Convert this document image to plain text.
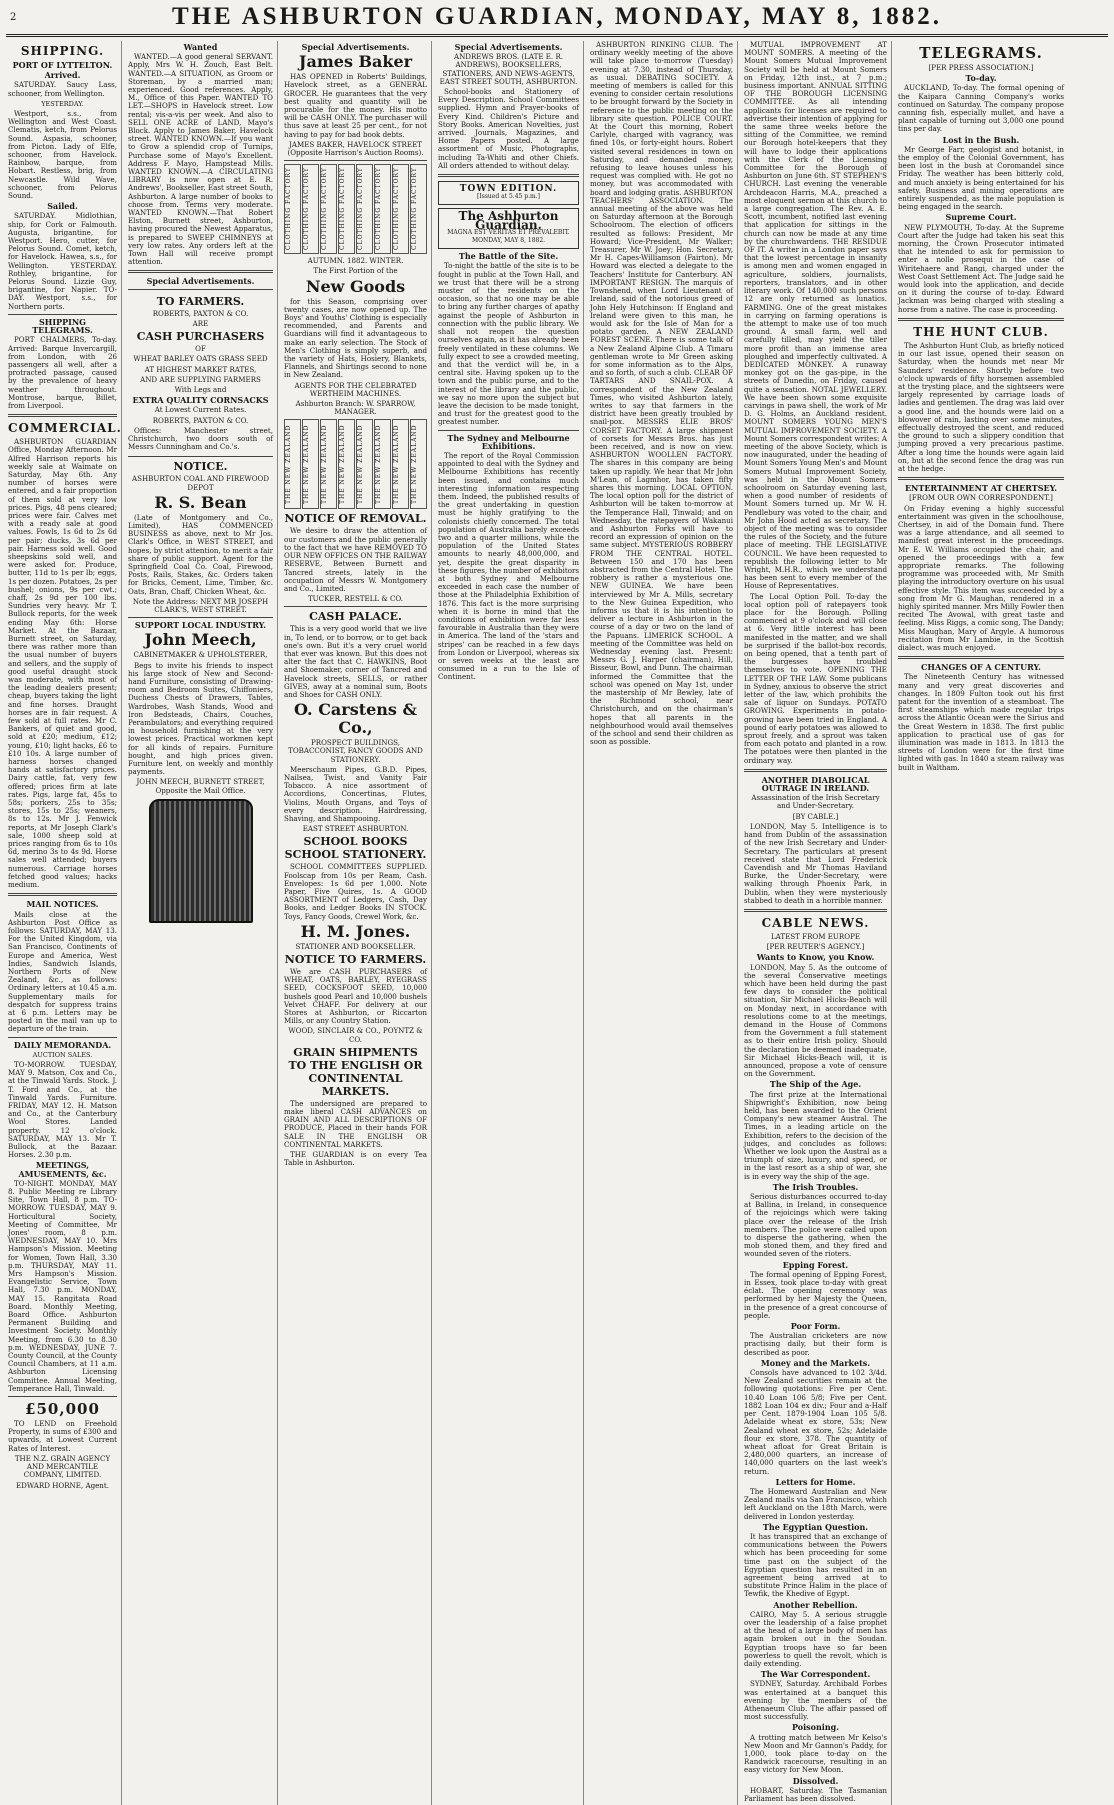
2	THE ASHBURTON GUARDIAN, MONDAY, MAY 8, 1882.
SHIPPING.
PORT OF LYTTELTON.
Arrived.

SATURDAY. Saucy Lass, schooner, from Wellington.

YESTERDAY.

Westport, s.s., from Wellington and West Coast. Clematis, ketch, from Pelorus Sound. Aspasia, schooner, from Picton. Lady of Elfe, schooner, from Havelock. Rainbow, barque, from Hobart. Restless, brig, from Newcastle. Wild Wave, schooner, from Pelorus Sound.

Sailed.

SATURDAY. Midlothian, ship, for Cork or Falmouth. Augusta, brigantine, for Westport. Hero, cutter, for Pelorus Sound. Comet, ketch, for Havelock. Hawea, s.s., for Wellington. YESTERDAY. Rothley, brigantine, for Pelorus Sound. Lizzie Guy, brigantine, for Napier. TO-DAY. Westport, s.s., for Northern ports.

SHIPPING TELEGRAMS.

PORT CHALMERS, To-day. Arrived: Barque Invercargill, from London, with 26 passengers all well, after a protracted passage, caused by the prevalence of heavy weather throughout. Montrose, barque, Billet, from Liverpool.

COMMERCIAL.

ASHBURTON GUARDIAN Office, Monday Afternoon. Mr Alfred Harrison reports his weekly sale at Waimate on Saturday, May 6th. Any number of horses were entered, and a fair proportion of them sold at very low prices. Pigs, 48 pens cleared; prices were fair. Calves met with a ready sale at good values. Fowls, 1s 6d to 2s 6d per pair; ducks, 3s 6d per pair. Harness sold well. Good sheepskins sold well, and were asked for. Produce, butter, 11d to 1s per lb; eggs, 1s per dozen. Potatoes, 2s per bushel; onions, 9s per cwt.; chaff, 2s 9d per 100 lbs. Sundries very heavy. Mr T. Bullock reports, for the week ending May 6th: Horse Market. At the Bazaar, Burnett street, on Saturday, there was rather more than the usual number of buyers and sellers, and the supply of good useful draught stock was moderate, with most of the leading dealers present; cheap, buyers taking the light and fine horses. Draught horses are in fair request. A few sold at full rates. Mr C. Bankers, of quiet and good, sold at £20; medium, £12; young, £10; light hacks, £6 to £10 10s. A large number of harness horses changed hands at satisfactory prices. Dairy cattle, fat, very few offered; prices firm at late rates. Pigs, large fat, 45s to 58s; porkers, 25s to 35s; stores, 15s to 25s; weaners, 8s to 12s. Mr J. Fenwick reports, at Mr Joseph Clark's sale, 1000 sheep sold at prices ranging from 6s to 10s 6d, merino 3s to 4s 9d. Horse sales well attended; buyers numerous. Carriage horses fetched good values; hacks medium.

MAIL NOTICES.

Mails close at the Ashburton Post Office as follows: SATURDAY, MAY 13. For the United Kingdom, via San Francisco, Continents of Europe and America, West Indies, Sandwich Islands, Northern Ports of New Zealand, &c., as follows: Ordinary letters at 10.45 a.m. Supplementary mails for despatch for suppress trains at 6 p.m. Letters may be posted in the mail van up to departure of the train.

DAILY MEMORANDA.
AUCTION SALES.

TO-MORROW. TUESDAY, MAY 9. Matson, Cox and Co., at the Tinwald Yards. Stock. J. T. Ford and Co., at the Tinwald Yards. Furniture. FRIDAY, MAY 12. H. Matson and Co., at the Canterbury Wool Stores. Landed property. 12 o'clock. SATURDAY, MAY 13. Mr T. Bullock, at the Bazaar. Horses. 2.30 p.m.

MEETINGS, AMUSEMENTS, &c.

TO-NIGHT. MONDAY, MAY 8. Public Meeting re Library Site, Town Hall, 8 p.m. TO-MORROW. TUESDAY, MAY 9. Horticultural Society, Meeting of Committee, Mr Jones' room, 8 p.m. WEDNESDAY, MAY 10. Mrs Hampson's Mission. Meeting for Women, Town Hall, 3.30 p.m. THURSDAY, MAY 11. Mrs Hampson's Mission. Evangelistic Service, Town Hall, 7.30 p.m. MONDAY, MAY 15. Rangitata Road Board. Monthly Meeting, Board Office. Ashburton Permanent Building and Investment Society. Monthly Meeting, from 6.30 to 8.30 p.m. WEDNESDAY, JUNE 7. County Council, at the County Council Chambers, at 11 a.m. Ashburton Licensing Committee. Annual Meeting, Temperance Hall, Tinwald.

£50,000

TO LEND on Freehold Property, in sums of £300 and upwards, at Lowest Current Rates of Interest.

THE N.Z. GRAIN AGENCY AND MERCANTILE COMPANY, LIMITED.

EDWARD HORNE, Agent.

Wanted

WANTED.—A good general SERVANT. Apply, Mrs W. H. Zouch, East Belt. WANTED.—A SITUATION, as Groom or Storeman, by a married man; experienced. Good references. Apply, M., Office of this Paper. WANTED TO LET.—SHOPS in Havelock street. Low rental; vis-a-vis per week. And also to SELL ONE ACRE of LAND, Mayo's Block. Apply to James Baker, Havelock street. WANTED KNOWN.—If you want to Grow a splendid crop of Turnips, Purchase some of Mayo's Excellent. Address F. Mayo, Hampstead Mills. WANTED KNOWN.—A CIRCULATING LIBRARY is now open at E. R. Andrews', Bookseller, East street South, Ashburton. A large number of books to choose from. Terms very moderate. WANTED KNOWN.—That Robert Elston, Burnett street, Ashburton, having procured the Newest Apparatus, is prepared to SWEEP CHIMNEYS at very low rates. Any orders left at the Town Hall will receive prompt attention.

Special Advertisements.
TO FARMERS.

ROBERTS, PAXTON & CO.

ARE

CASH PURCHASERS

OF

WHEAT BARLEY OATS GRASS SEED

AT HIGHEST MARKET RATES,

AND ARE SUPPLYING FARMERS

With Legs and

EXTRA QUALITY CORNSACKS

At Lowest Current Rates.

ROBERTS, PAXTON & CO.

Offices: Manchester street, Christchurch, two doors south of Messrs Cunningham and Co.'s.

NOTICE.

ASHBURTON COAL AND FIREWOOD DEPOT

R. S. Bean

(Late of Montgomery and Co., Limited), HAS COMMENCED BUSINESS as above, next to Mr Jos. Clark's Office, in WEST STREET, and hopes, by strict attention, to merit a fair share of public support. Agent for the Springfield Coal Co. Coal, Firewood, Posts, Rails, Stakes, &c. Orders taken for Bricks, Cement, Lime, Timber, &c. Oats, Bran, Chaff, Chicken Wheat, &c.

Note the Address: NEXT MR JOSEPH CLARK'S, WEST STREET.

SUPPORT LOCAL INDUSTRY.
John Meech,

CABINETMAKER & UPHOLSTERER,

Begs to invite his friends to inspect his large stock of New and Second-hand Furniture, consisting of Drawing-room and Bedroom Suites, Chiffoniers, Duchess Chests of Drawers, Tables, Wardrobes, Wash Stands, Wood and Iron Bedsteads, Chairs, Couches, Perambulators; and everything required in household furnishing at the very lowest prices. Practical workmen kept for all kinds of repairs. Furniture bought, and high prices given. Furniture lent, on weekly and monthly payments.

JOHN MEECH, BURNETT STREET, Opposite the Mail Office.

Special Advertisements.
James Baker

HAS OPENED in Roberts' Buildings, Havelock street, as a GENERAL GROCER. He guarantees that the very best quality and quantity will be procurable for the money. His motto will be CASH ONLY. The purchaser will thus save at least 25 per cent., for not having to pay for bad book debts.

JAMES BAKER, HAVELOCK STREET (Opposite Harrison's Auction Rooms).

CLOTHING FACTORY	CLOTHING FACTORY	CLOTHING FACTORY	CLOTHING FACTORY	CLOTHING FACTORY	CLOTHING FACTORY	CLOTHING FACTORY	CLOTHING FACTORY

AUTUMN. 1882. WINTER.

The First Portion of the

New Goods

for this Season, comprising over twenty cases, are now opened up. The Boys' and Youths' Clothing is especially recommended, and Parents and Guardians will find it advantageous to make an early selection. The Stock of Men's Clothing is simply superb, and the variety of Hats, Hosiery, Blankets, Flannels, and Shirtings second to none in New Zealand.

AGENTS FOR THE CELEBRATED WERTHEIM MACHINES.

Ashburton Branch: W. SPARROW, MANAGER.

THE NEW ZEALAND	THE NEW ZEALAND	THE NEW ZEALAND	THE NEW ZEALAND	THE NEW ZEALAND	THE NEW ZEALAND	THE NEW ZEALAND	THE NEW ZEALAND
NOTICE OF REMOVAL.

We desire to draw the attention of our customers and the public generally to the fact that we have REMOVED TO OUR NEW OFFICES ON THE RAILWAY RESERVE, Between Burnett and Tancred streets, lately in the occupation of Messrs W. Montgomery and Co., Limited.

TUCKER, RESTELL & CO.

CASH PALACE.

This is a very good world that we live in, To lend, or to borrow, or to get back one's own. But it's a very cruel world that ever was known. But this does not alter the fact that C. HAWKINS, Boot and Shoemaker, corner of Tancred and Havelock streets, SELLS, or rather GIVES, away at a nominal sum, Boots and Shoes for CASH ONLY.

O. Carstens & Co.,

PROSPECT BUILDINGS, TOBACCONIST, FANCY GOODS AND STATIONERY.

Meerschaum Pipes, G.B.D. Pipes, Nailsea, Twist, and Vanity Fair Tobacco. A nice assortment of Accordions, Concertinas, Flutes, Violins, Mouth Organs, and Toys of every description. Hairdressing, Shaving, and Shampooing.

EAST STREET ASHBURTON.

SCHOOL BOOKS SCHOOL STATIONERY.

SCHOOL COMMITTEES SUPPLIED. Foolscap from 10s per Ream, Cash. Envelopes: 1s 6d per 1,000. Note Paper, Five Quires, 1s. A GOOD ASSORTMENT of Ledgers, Cash, Day Books, and Ledger Books IN STOCK. Toys, Fancy Goods, Crewel Work, &c.

H. M. Jones.

STATIONER AND BOOKSELLER.

NOTICE TO FARMERS.

We are CASH PURCHASERS of WHEAT, OATS, BARLEY, RYEGRASS SEED, COCKSFOOT SEED, 10,000 bushels good Pearl and 10,000 bushels Velvet CHAFF. For delivery at our Stores at Ashburton, or Riccarton Mills, or any Country Station.

WOOD, SINCLAIR & CO., POYNTZ & CO.

GRAIN SHIPMENTS TO THE ENGLISH OR CONTINENTAL MARKETS.

The undersigned are prepared to make liberal CASH ADVANCES on GRAIN AND ALL DESCRIPTIONS OF PRODUCE, Placed in their hands FOR SALE IN THE ENGLISH OR CONTINENTAL MARKETS.

THE GUARDIAN is on every Tea Table in Ashburton.

Special Advertisements.

ANDREWS BROS. (LATE E. R. ANDREWS), BOOKSELLERS, STATIONERS, AND NEWS-AGENTS, EAST STREET SOUTH, ASHBURTON.

School-books and Stationery of Every Description. School Committees supplied. Hymn and Prayer-books of Every Kind. Children's Picture and Story Books. American Novelties, just arrived. Journals, Magazines, and Home Papers posted. A large assortment of Music, Photographs, including Ta-Whiti and other Chiefs. All orders attended to without delay.

TOWN EDITION.
[Issued at 5.45 p.m.]
The Ashburton Guardian.
MAGNA EST VERITAS ET PREVALEBIT.
MONDAY, MAY 8, 1882.
The Battle of the Site.

To-night the battle of the site is to be fought in public at the Town Hall, and we trust that there will be a strong muster of the residents on the occasion, so that no one may be able to bring any further charges of apathy against the people of Ashburton in connection with the public library. We shall not reopen the question ourselves again, as it has already been freely ventilated in these columns. We fully expect to see a crowded meeting, and that the verdict will be, in a central site. Having spoken up to the town and the public purse, and to the interest of the library and the public, we say no more upon the subject but leave the decision to be made tonight, and trust for the greatest good to the greatest number.

The Sydney and Melbourne Exhibitions.

The report of the Royal Commission appointed to deal with the Sydney and Melbourne Exhibitions has recently been issued, and contains much interesting information respecting them. Indeed, the published results of the great undertaking in question must be highly gratifying to the colonists chiefly concerned. The total population of Australia barely exceeds two and a quarter millions, while the population of the United States amounts to nearly 48,000,000, and yet, despite the great disparity in these figures, the number of exhibitors at both Sydney and Melbourne exceeded in each case the number of those at the Philadelphia Exhibition of 1876. This fact is the more surprising when it is borne in mind that the conditions of exhibition were far less favourable in Australia than they were in America. The land of the 'stars and stripes' can be reached in a few days from London or Liverpool, whereas six or seven weeks at the least are consumed in a run to the Isle of Continent.

ASHBURTON RINKING CLUB. The ordinary weekly meeting of the above will take place to-morrow (Tuesday) evening at 7.30, instead of Thursday, as usual. DEBATING SOCIETY. A meeting of members is called for this evening to consider certain resolutions to be brought forward by the Society in reference to the public meeting on the library site question. POLICE COURT. At the Court this morning, Robert Carlyle, charged with vagrancy, was fined 10s, or forty-eight hours. Robert visited several residences in town on Saturday, and demanded money, refusing to leave houses unless his request was complied with. He got no money, but was accommodated with board and lodging gratis. ASHBURTON TEACHERS' ASSOCIATION. The annual meeting of the above was held on Saturday afternoon at the Borough Schoolroom. The election of officers resulted as follows: President, Mr Howard; Vice-President, Mr Walker; Treasurer, Mr W. Joey; Hon. Secretary, Mr H. Capes-Williamson (Fairton). Mr Howard was elected a delegate to the Teachers' Institute for Canterbury. AN IMPORTANT RESIGN. The marquis of Townshend, when Lord Lieutenant of Ireland, said of the notorious greed of John Hely Hutchinson: If England and Ireland were given to this man, he would ask for the Isle of Man for a potato garden. A NEW ZEALAND FOREST SCENE. There is some talk of a New Zealand Alpine Club. A Timaru gentleman wrote to Mr Green asking for some information as to the Alps, and so forth, of such a club. CLEAR OF TARTARS AND SNAIL-POX. A correspondent of the New Zealand Times, who visited Ashburton lately, writes to say that farmers in the district have been greatly troubled by snail-pox. MESSRS ELIE BROS' CORSET FACTORY. A large shipment of corsets for Messrs Bros. has just been received, and is now on view. ASHBURTON WOOLLEN FACTORY. The shares in this company are being taken up rapidly. We hear that Mr John M'Lean, of Lagmhor, has taken fifty shares this morning. LOCAL OPTION. The local option poll for the district of Ashburton will be taken to-morrow at the Temperance Hall, Tinwald; and on Wednesday, the ratepayers of Wakanui and Ashburton Forks will have to record an expression of opinion on the same subject. MYSTERIOUS ROBBERY FROM THE CENTRAL HOTEL. Between 150 and 170 has been abstracted from the Central Hotel. The robbery is rather a mysterious one. NEW GUINEA. We have been interviewed by Mr A. Mills, secretary to the New Guinea Expedition, who informs us that it is his intention to deliver a lecture in Ashburton in the course of a day or two on the land of the Papuans. LIMERICK SCHOOL. A meeting of the Committee was held on Wednesday evening last. Present: Messrs G. J. Harper (chairman), Hill, Bisseur, Bowl, and Dunn. The chairman informed the Committee that the school was opened on May 1st, under the mastership of Mr Bewley, late of the Richmond school, near Christchurch, and on the chairman's hopes that all parents in the neighbourhood would avail themselves of the school and send their children as soon as possible.

MUTUAL IMPROVEMENT AT MOUNT SOMERS. A meeting of the Mount Somers Mutual Improvement Society will be held at Mount Somers on Friday, 12th inst., at 7 p.m.; business important. ANNUAL SITTING OF THE BOROUGH LICENSING COMMITTEE. As all intending applicants for licenses are required to advertise their intention of applying for the same three weeks before the sitting of the Committee, we remind our Borough hotel-keepers that they will have to lodge their applications with the Clerk of the Licensing Committee for the Borough of Ashburton on June 6th. ST STEPHEN'S CHURCH. Last evening the venerable Archdeacon Harris, M.A., preached a most eloquent sermon at this church to a large congregation. The Rev. A. E. Scott, incumbent, notified last evening that application for sittings in the church can now be made at any time by the churchwardens. THE RESIDUE OF IT. A writer in a London paper says that the lowest percentage in insanity is among men and women engaged in agriculture, soldiers, journalists, reporters, translators, and in other literary work. Of 140,000 such persons 12 are only returned as lunatics. FARMING. One of the great mistakes in carrying on farming operations is the attempt to make use of too much ground. A small farm, well and carefully tilled, may yield the tiller more profit than an immense area ploughed and imperfectly cultivated. A DEDICATED MONKEY. A runaway monkey got on the gas-pipe, in the streets of Dunedin, on Friday, caused quite a sensation. NOTAL JEWELLERY. We have been shown some exquisite carvings in pawa shell, the work of Mr D. G. Holms, an Auckland resident. MOUNT SOMERS YOUNG MEN'S MUTUAL IMPROVEMENT SOCIETY. A Mount Somers correspondent writes: A meeting of the above Society, which is now inaugurated, under the heading of Mount Somers Young Men's and Mount Somers Mutual Improvement Society, was held in the Mount Somers schoolroom on Saturday evening last, when a good number of residents of Mount Somers turned up. Mr W. H. Pendlebury was voted to the chair, and Mr John Hood acted as secretary. The object of the meeting was to consider the rules of the Society, and the future place of meeting. THE LEGISLATIVE COUNCIL. We have been requested to republish the following letter to Mr Wright, M.H.R., which we understand has been sent to every member of the House of Representatives.

The Local Option Poll. To-day the local option poll of ratepayers took place for the Borough. Polling commenced at 9 o'clock and will close at 6. Very little interest has been manifested in the matter, and we shall be surprised if the ballot-box records, on being opened, that a tenth part of the burgesses have troubled themselves to vote. OPENING THE LETTER OF THE LAW. Some publicans in Sydney, anxious to observe the strict letter of the law, which prohibits the sale of liquor on Sundays. POTATO GROWING. Experiments in potato-growing have been tried in England. A pound of early potatoes was allowed to sprout freely, and a sprout was taken from each potato and planted in a row. The potatoes were then planted in the ordinary way.

ANOTHER DIABOLICAL OUTRAGE IN IRELAND.

Assassination of the Irish Secretary and Under-Secretary.

[BY CABLE.]

LONDON, May 5. Intelligence is to hand from Dublin of the assassination of the new Irish Secretary and Under-Secretary. The particulars at present received state that Lord Frederick Cavendish and Mr Thomas Haviland Burke, the Under-Secretary, were walking through Phoenix Park, in Dublin, when they were mysteriously stabbed to death in a horrible manner.

CABLE NEWS.

LATEST FROM EUROPE

[PER REUTER'S AGENCY.]

Wants to Know, you Know.

LONDON, May 5. As the outcome of the several Conservative meetings which have been held during the past few days to consider the political situation, Sir Michael Hicks-Beach will on Monday next, in accordance with resolutions come to at the meetings, demand in the House of Commons from the Government a full statement as to their entire Irish policy. Should the declaration be deemed inadequate, Sir Michael Hicks-Beach will, it is announced, propose a vote of censure on the Government.

The Ship of the Age.

The first prize at the International Shipwright's Exhibition, now being held, has been awarded to the Orient Company's new steamer Austral. The Times, in a leading article on the Exhibition, refers to the decision of the judges, and concludes as follows: Whether we look upon the Austral as a triumph of size, luxury, and speed, or in the last resort as a ship of war, she is in every way the ship of the age.

The Irish Troubles.

Serious disturbances occurred to-day at Ballina, in Ireland, in consequence of the rejoicings which were taking place over the release of the Irish members. The police were called upon to disperse the gathering, when the mob stoned them, and they fired and wounded seven of the rioters.

Epping Forest.

The formal opening of Epping Forest, in Essex, took place to-day with great éclat. The opening ceremony was performed by her Majesty the Queen, in the presence of a great concourse of people.

Poor Form.

The Australian cricketers are now practising daily, but their form is described as poor.

Money and the Markets.

Consols have advanced to 102 3/4d. New Zealand securities remain at the following quotations: Five per Cent. 10.40 Loan 106 5/8; Five per Cent. 1882 Loan 104 ex div.; Four and a-Half per Cent. 1879-1904 Loan 105 5/8. Adelaide wheat ex store, 53s; New Zealand wheat ex store, 52s; Adelaide flour ex store, 378. The quantity of wheat afloat for Great Britain is 2,480,000 quarters, an increase of 140,000 quarters on the last week's return.

Letters for Home.

The Homeward Australian and New Zealand mails via San Francisco, which left Auckland on the 18th March, were delivered in London yesterday.

The Egyptian Question.

It has transpired that an exchange of communications between the Powers which has been proceeding for some time past on the subject of the Egyptian question has resulted in an agreement being arrived at to substitute Prince Halim in the place of Tewfik, the Khedive of Egypt.

Another Rebellion.

CAIRO, May 5. A serious struggle over the leadership of a false prophet at the head of a large body of men has again broken out in the Soudan. Egyptian troops have so far been powerless to quell the revolt, which is daily extending.

The War Correspondent.

SYDNEY, Saturday. Archibald Forbes was entertained at a banquet this evening by the members of the Athenaeum Club. The affair passed off most successfully.

Poisoning.

A trotting match between Mr Kelso's New Moon and Mr Gannon's Paddy, for 1,000, took place to-day on the Randwick racecourse, resulting in an easy victory for New Moon.

Dissolved.

HOBART, Saturday. The Tasmanian Parliament has been dissolved.

TELEGRAMS.

[PER PRESS ASSOCIATION.]

To-day.

AUCKLAND, To-day. The formal opening of the Kaipara Canning Company's works continued on Saturday. The company propose canning fish, especially mullet, and have a plant capable of turning out 3,000 one pound tins per day.

Lost in the Bush.

Mr George Farr, geologist and botanist, in the employ of the Colonial Government, has been lost in the bush at Coromandel since Friday. The weather has been bitterly cold, and much anxiety is being entertained for his safety. Business and mining operations are entirely suspended, as the male population is being engaged in the search.

Supreme Court.

NEW PLYMOUTH, To-day. At the Supreme Court after the Judge had taken his seat this morning, the Crown Prosecutor intimated that he intended to ask for permission to enter a nolle prosequi in the case of Wiritehaere and Rangi, charged under the West Coast Settlement Act. The Judge said he would look into the application, and decide on it during the course of to-day. Edward Jackman was being charged with stealing a horse from a native. The case is proceeding.

THE HUNT CLUB.

The Ashburton Hunt Club, as briefly noticed in our last issue, opened their season on Saturday, when the hounds met near Mr Saunders' residence. Shortly before two o'clock upwards of fifty horsemen assembled at the trysting place, and the sightseers were largely represented by carriage loads of ladies and gentlemen. The drag was laid over a good line, and the hounds were laid on a blowover of rain, lasting over some minutes, effectually destroyed the scent, and reduced the ground to such a slippery condition that jumping proved a very precarious pastime. After a long time the hounds were again laid on, but at the second fence the drag was run at the hedge.

ENTERTAINMENT AT CHERTSEY.

[FROM OUR OWN CORRESPONDENT.]

On Friday evening a highly successful entertainment was given in the schoolhouse, Chertsey, in aid of the Domain fund. There was a large attendance, and all seemed to manifest great interest in the proceedings. Mr E. W. Williams occupied the chair, and opened the proceedings with a few appropriate remarks. The following programme was proceeded with, Mr Smith playing the introductory overture on his usual effective style. This item was succeeded by a song from Mr G. Maughan, rendered in a highly spirited manner. Mrs Milly Fowler then recited The Avowal, with great taste and feeling. Miss Riggs, a comic song, The Dandy; Miss Maughan, Mary of Argyle. A humorous recitation from Mr Lambie, in the Scottish dialect, was much enjoyed.

CHANGES OF A CENTURY.

The Nineteenth Century has witnessed many and very great discoveries and changes. In 1809 Fulton took out his first patent for the invention of a steamboat. The first steamships which made regular trips across the Atlantic Ocean were the Sirius and the Great Western in 1838. The first public application to practical use of gas for illumination was made in 1813. In 1813 the streets of London were for the first time lighted with gas. In 1840 a steam railway was built in Waltham.
